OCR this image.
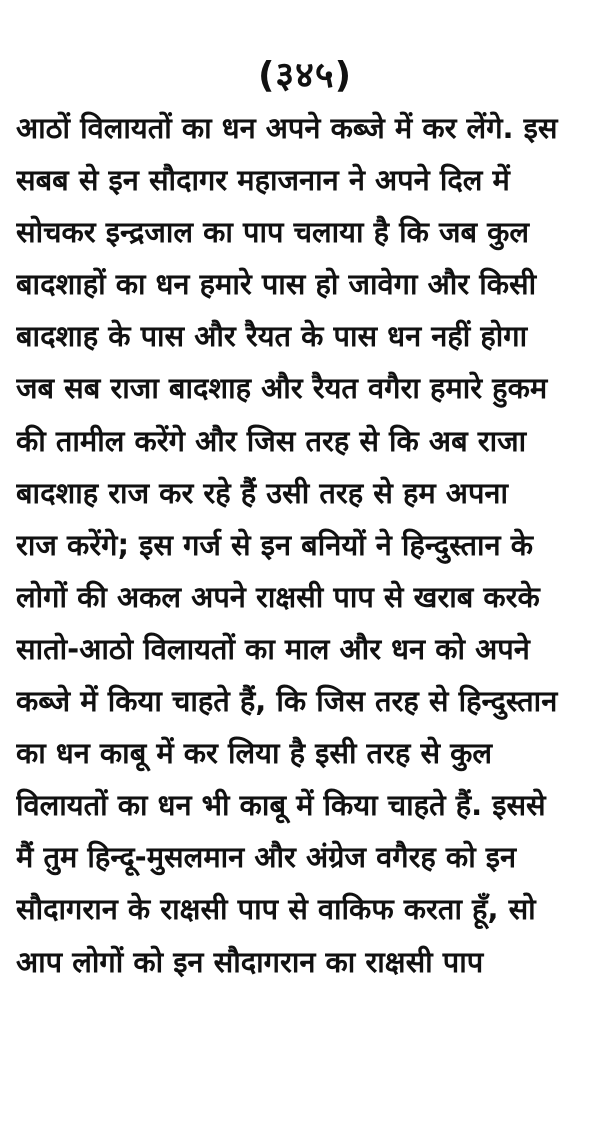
(३४५)
आठों विलायतों का धन अपने कब्जे में कर लेंगे. इस
सबब से इन सौदागर महाजनान ने अपने दिल में
सोचकर इन्द्रजाल का पाप चलाया है कि जब कुल
बादशाहों का धन हमारे पास हो जावेगा और किसी
बादशाह के पास और रैयत के पास धन नहीं होगा
जब सब राजा बादशाह और रैयत वगैरा हमारे हुकम
की तामील करेंगे और जिस तरह से कि अब राजा
बादशाह राज कर रहे हैं उसी तरह से हम अपना
राज करेंगे; इस गर्ज से इन बनियों ने हिन्दुस्तान के
लोगों की अकल अपने राक्षसी पाप से खराब करके
सातो-आठो विलायतों का माल और धन को अपने
कब्जे में किया चाहते हैं, कि जिस तरह से हिन्दुस्तान
का धन काबू में कर लिया है इसी तरह से कुल
विलायतों का धन भी काबू में किया चाहते हैं. इससे
मैं तुम हिन्दू-मुसलमान और अंग्रेज वगैरह को इन
सौदागरान के राक्षसी पाप से वाकिफ करता हूँ, सो
आप लोगों को इन सौदागरान का राक्षसी पाप
